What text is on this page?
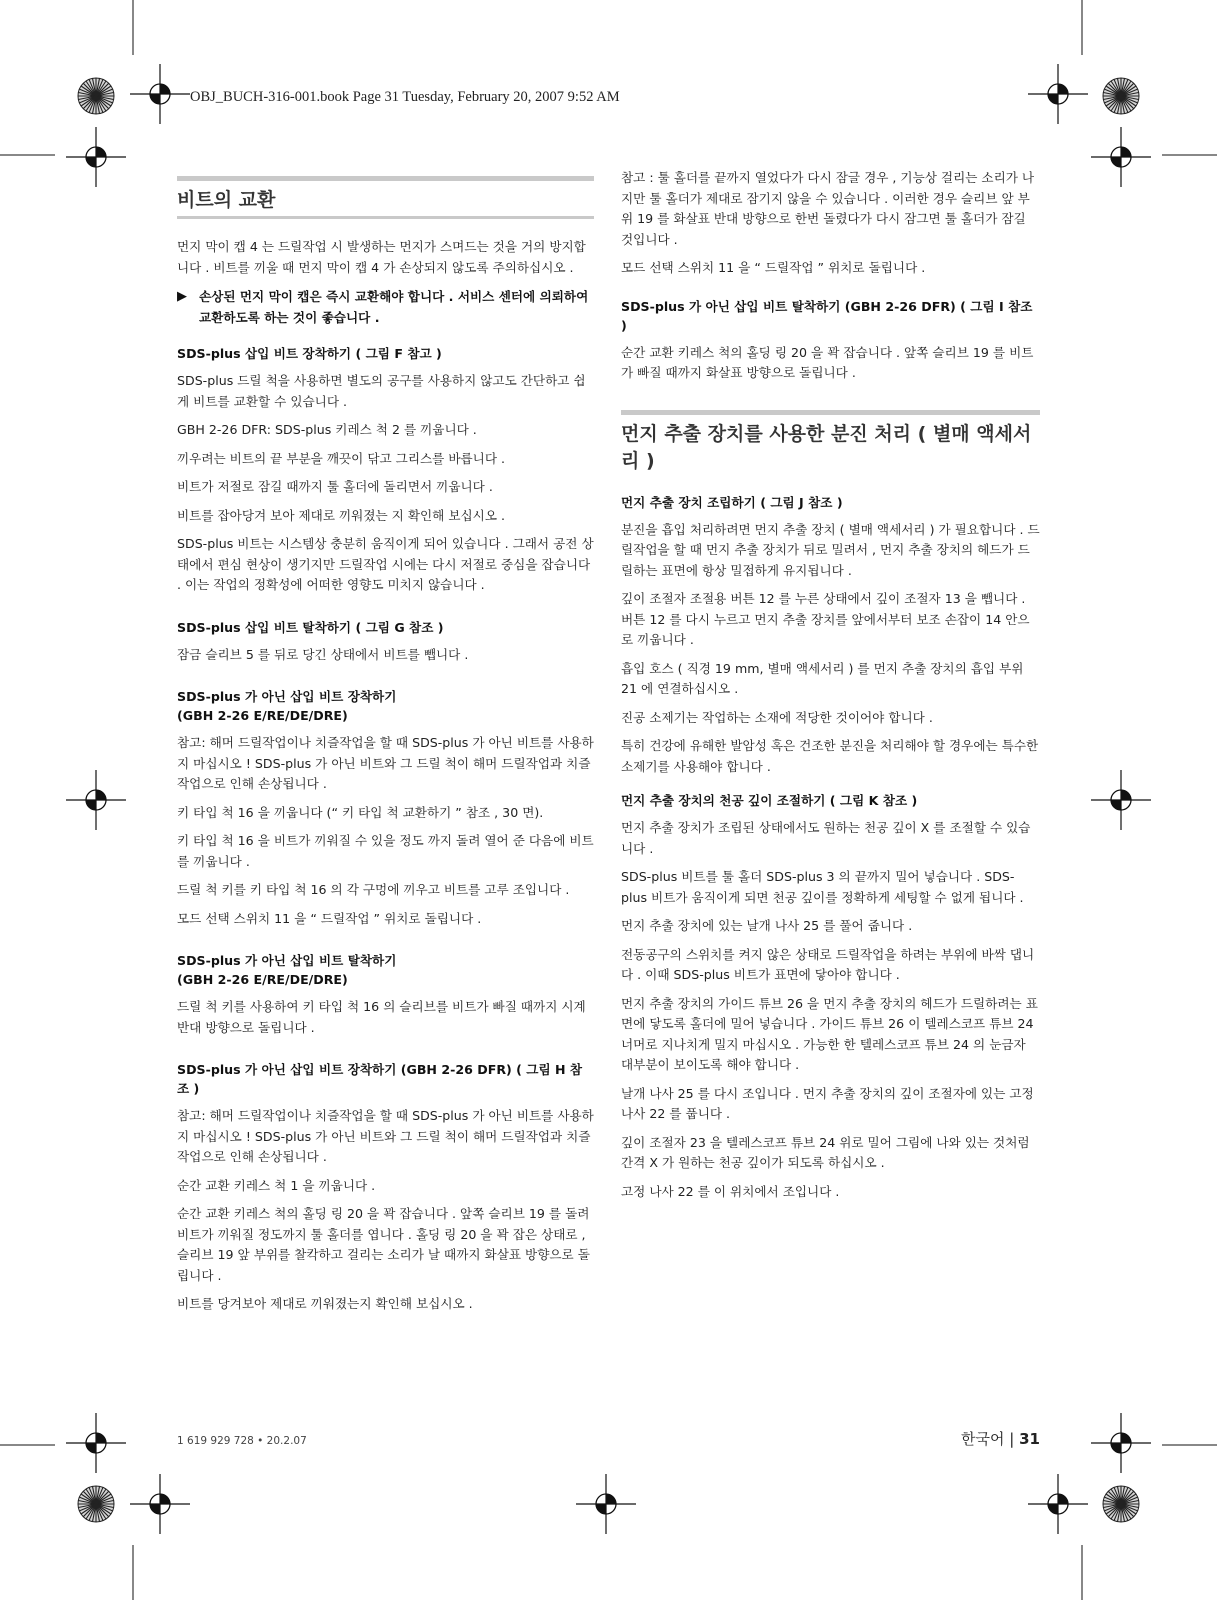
OBJ_BUCH-316-001.book Page 31 Tuesday, February 20, 2007 9:52 AM
비트의 교환

먼지 막이 캡 4 는 드릴작업 시 발생하는 먼지가 스며드는 것을 거의 방지합니다 . 비트를 끼울 때 먼지 막이 캡 4 가 손상되지 않도록 주의하십시오 .

▶ 손상된 먼지 막이 캡은 즉시 교환해야 합니다 . 서비스 센터에 의뢰하여 교환하도록 하는 것이 좋습니다 .
SDS-plus 삽입 비트 장착하기 ( 그림 F 참고 )

SDS-plus 드릴 척을 사용하면 별도의 공구를 사용하지 않고도 간단하고 쉽게 비트를 교환할 수 있습니다 .

GBH 2-26 DFR: SDS-plus 키레스 척 2 를 끼웁니다 .

끼우려는 비트의 끝 부분을 깨끗이 닦고 그리스를 바릅니다 .

비트가 저절로 잠길 때까지 툴 홀더에 돌리면서 끼웁니다 .

비트를 잡아당겨 보아 제대로 끼워졌는 지 확인해 보십시오 .

SDS-plus 비트는 시스템상 충분히 움직이게 되어 있습니다 . 그래서 공전 상태에서 편심 현상이 생기지만 드릴작업 시에는 다시 저절로 중심을 잡습니다 . 이는 작업의 정확성에 어떠한 영향도 미치지 않습니다 .

SDS-plus 삽입 비트 탈착하기 ( 그림 G 참조 )

잠금 슬리브 5 를 뒤로 당긴 상태에서 비트를 뺍니다 .

SDS-plus 가 아닌 삽입 비트 장착하기
(GBH 2-26 E/RE/DE/DRE)

참고: 해머 드릴작업이나 치즐작업을 할 때 SDS-plus 가 아닌 비트를 사용하지 마십시오 ! SDS-plus 가 아닌 비트와 그 드릴 척이 해머 드릴작업과 치즐작업으로 인해 손상됩니다 .

키 타입 척 16 을 끼웁니다 (“ 키 타입 척 교환하기 ” 참조 , 30 면).

키 타입 척 16 을 비트가 끼워질 수 있을 정도 까지 돌려 열어 준 다음에 비트를 끼웁니다 .

드릴 척 키를 키 타입 척 16 의 각 구멍에 끼우고 비트를 고루 조입니다 .

모드 선택 스위치 11 을 “ 드릴작업 ” 위치로 돌립니다 .

SDS-plus 가 아닌 삽입 비트 탈착하기
(GBH 2-26 E/RE/DE/DRE)

드릴 척 키를 사용하여 키 타입 척 16 의 슬리브를 비트가 빠질 때까지 시계 반대 방향으로 돌립니다 .

SDS-plus 가 아닌 삽입 비트 장착하기 (GBH 2-26 DFR) ( 그림 H 참조 )

참고: 해머 드릴작업이나 치즐작업을 할 때 SDS-plus 가 아닌 비트를 사용하지 마십시오 ! SDS-plus 가 아닌 비트와 그 드릴 척이 해머 드릴작업과 치즐작업으로 인해 손상됩니다 .

순간 교환 키레스 척 1 을 끼웁니다 .

순간 교환 키레스 척의 홀딩 링 20 을 꽉 잡습니다 . 앞쪽 슬리브 19 를 돌려 비트가 끼워질 정도까지 툴 홀더를 엽니다 . 홀딩 링 20 을 꽉 잡은 상태로 , 슬리브 19 앞 부위를 찰칵하고 걸리는 소리가 날 때까지 화살표 방향으로 돌립니다 .

비트를 당겨보아 제대로 끼워졌는지 확인해 보십시오 .

참고 : 툴 홀더를 끝까지 열었다가 다시 잠글 경우 , 기능상 걸리는 소리가 나지만 툴 홀더가 제대로 잠기지 않을 수 있습니다 . 이러한 경우 슬리브 앞 부위 19 를 화살표 반대 방향으로 한번 돌렸다가 다시 잠그면 툴 홀더가 잠길 것입니다 .

모드 선택 스위치 11 을 “ 드릴작업 ” 위치로 돌립니다 .

SDS-plus 가 아닌 삽입 비트 탈착하기 (GBH 2-26 DFR) ( 그림 I 참조 )

순간 교환 키레스 척의 홀딩 링 20 을 꽉 잡습니다 . 앞쪽 슬리브 19 를 비트가 빠질 때까지 화살표 방향으로 돌립니다 .

먼지 추출 장치를 사용한 분진 처리 ( 별매 액세서리 )
먼지 추출 장치 조립하기 ( 그림 J 참조 )

분진을 흡입 처리하려면 먼지 추출 장치 ( 별매 액세서리 ) 가 필요합니다 . 드릴작업을 할 때 먼지 추출 장치가 뒤로 밀려서 , 먼지 추출 장치의 헤드가 드릴하는 표면에 항상 밀접하게 유지됩니다 .

깊이 조절자 조절용 버튼 12 를 누른 상태에서 깊이 조절자 13 을 뺍니다 . 버튼 12 를 다시 누르고 먼지 추출 장치를 앞에서부터 보조 손잡이 14 안으로 끼웁니다 .

흡입 호스 ( 직경 19 mm, 별매 액세서리 ) 를 먼지 추출 장치의 흡입 부위 21 에 연결하십시오 .

진공 소제기는 작업하는 소재에 적당한 것이어야 합니다 .

특히 건강에 유해한 발암성 혹은 건조한 분진을 처리해야 할 경우에는 특수한 소제기를 사용해야 합니다 .

먼지 추출 장치의 천공 깊이 조절하기 ( 그림 K 참조 )

먼지 추출 장치가 조립된 상태에서도 원하는 천공 깊이 X 를 조절할 수 있습니다 .

SDS-plus 비트를 툴 홀더 SDS-plus 3 의 끝까지 밀어 넣습니다 . SDS-plus 비트가 움직이게 되면 천공 깊이를 정확하게 세팅할 수 없게 됩니다 .

먼지 추출 장치에 있는 날개 나사 25 를 풀어 줍니다 .

전동공구의 스위치를 켜지 않은 상태로 드릴작업을 하려는 부위에 바싹 댑니다 . 이때 SDS-plus 비트가 표면에 닿아야 합니다 .

먼지 추출 장치의 가이드 튜브 26 을 먼지 추출 장치의 헤드가 드릴하려는 표면에 닿도록 홀더에 밀어 넣습니다 . 가이드 튜브 26 이 텔레스코프 튜브 24 너머로 지나치게 밀지 마십시오 . 가능한 한 텔레스코프 튜브 24 의 눈금자 대부분이 보이도록 해야 합니다 .

날개 나사 25 를 다시 조입니다 . 먼지 추출 장치의 깊이 조절자에 있는 고정 나사 22 를 풉니다 .

깊이 조절자 23 을 텔레스코프 튜브 24 위로 밀어 그림에 나와 있는 것처럼 간격 X 가 원하는 천공 깊이가 되도록 하십시오 .

고정 나사 22 를 이 위치에서 조입니다 .

1 619 929 728 • 20.2.07	한국어 | 31
